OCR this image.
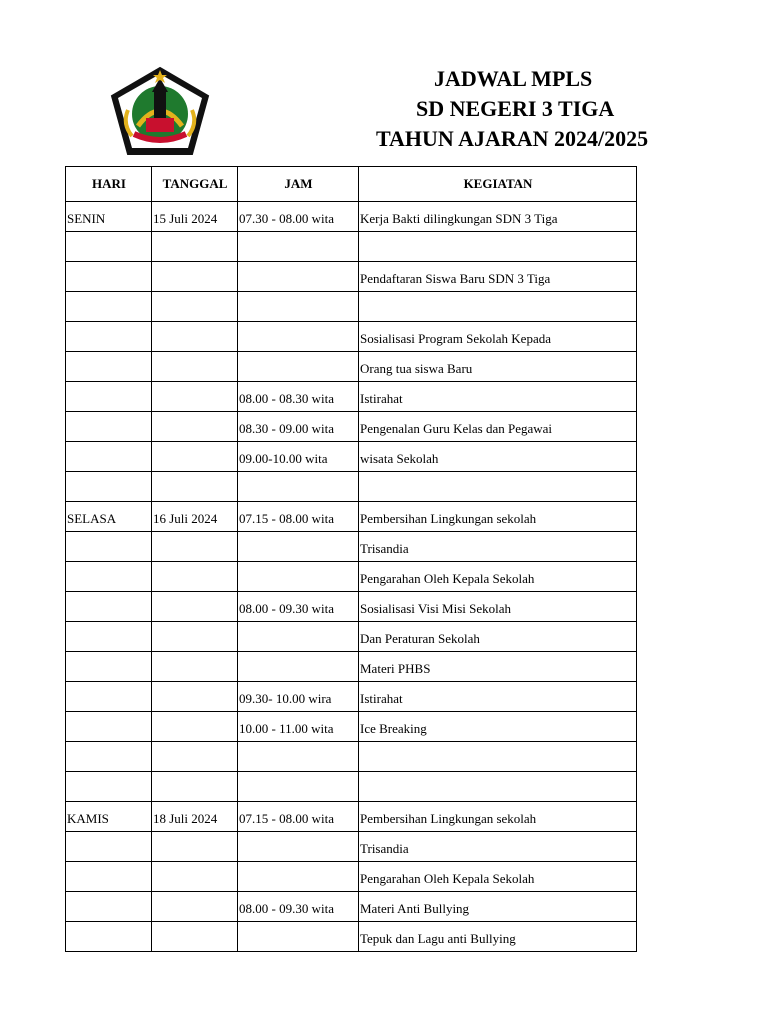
JADWAL MPLS
SD NEGERI 3 TIGA
TAHUN AJARAN 2024/2025
HARI	TANGGAL	JAM	KEGIATAN

SENIN	15 Juli 2024	07.30 - 08.00 wita	Kerja Bakti dilingkungan SDN 3 Tiga

			Pendaftaran Siswa Baru SDN 3 Tiga

			Sosialisasi Program Sekolah Kepada

			Orang tua siswa Baru

		08.00 - 08.30 wita	Istirahat

		08.30 - 09.00 wita	Pengenalan Guru Kelas dan Pegawai

		09.00-10.00 wita	wisata Sekolah

SELASA	16 Juli 2024	07.15 - 08.00 wita	Pembersihan Lingkungan sekolah

			Trisandia

			Pengarahan Oleh Kepala Sekolah

		08.00 - 09.30 wita	Sosialisasi Visi Misi Sekolah

			Dan Peraturan Sekolah

			Materi PHBS

		09.30- 10.00 wira	Istirahat

		10.00 - 11.00 wita	Ice Breaking

KAMIS	18 Juli 2024	07.15 - 08.00 wita	Pembersihan Lingkungan sekolah

			Trisandia

			Pengarahan Oleh Kepala Sekolah

		08.00 - 09.30 wita	Materi Anti Bullying

			Tepuk dan Lagu anti Bullying
